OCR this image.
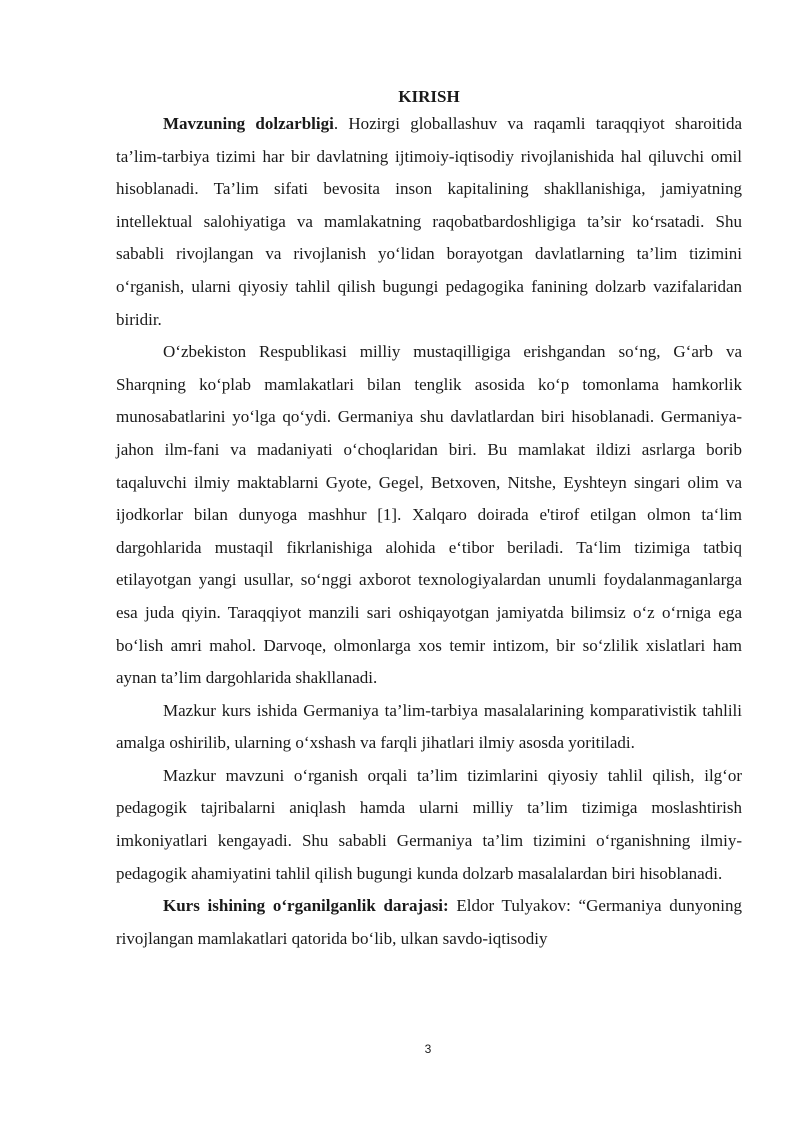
KIRISH

Mavzuning dolzarbligi. Hozirgi globallashuv va raqamli taraqqiyot sharoitida ta’lim-tarbiya tizimi har bir davlatning ijtimoiy-iqtisodiy rivojlanishida hal qiluvchi omil hisoblanadi. Ta’lim sifati bevosita inson kapitalining shakllanishiga, jamiyatning intellektual salohiyatiga va mamlakatning raqobatbardoshligiga ta’sir koʻrsatadi. Shu sababli rivojlangan va rivojlanish yoʻlidan borayotgan davlatlarning ta’lim tizimini oʻrganish, ularni qiyosiy tahlil qilish bugungi pedagogika fanining dolzarb vazifalaridan biridir.

O‘zbekiston Respublikasi milliy mustaqilligiga erishgandan so‘ng, G‘arb va Sharqning ko‘plab mamlakatlari bilan tenglik asosida ko‘p tomonlama hamkorlik munosabatlarini yoʻlga qo‘ydi. Germaniya shu davlatlardan biri hisoblanadi. Germaniya-jahon ilm-fani va madaniyati o‘choqlaridan biri. Bu mamlakat ildizi asrlarga borib taqaluvchi ilmiy maktablarni Gyote, Gegel, Betxoven, Nitshe, Eyshteyn singari olim va ijodkorlar bilan dunyoga mashhur [1]. Xalqaro doirada e'tirof etilgan olmon ta‘lim dargohlarida mustaqil fikrlanishiga alohida e‘tibor beriladi. Ta‘lim tizimiga tatbiq etilayotgan yangi usullar, so‘nggi axborot texnologiyalardan unumli foydalanmaganlarga esa juda qiyin. Taraqqiyot manzili sari oshiqayotgan jamiyatda bilimsiz o‘z o‘rniga ega bo‘lish amri mahol. Darvoqe, olmonlarga xos temir intizom, bir so‘zlilik xislatlari ham aynan ta’lim dargohlarida shakllanadi.

Mazkur kurs ishida Germaniya ta’lim-tarbiya masalalarining komparativistik tahlili amalga oshirilib, ularning oʻxshash va farqli jihatlari ilmiy asosda yoritiladi.

Mazkur mavzuni oʻrganish orqali ta’lim tizimlarini qiyosiy tahlil qilish, ilgʻor pedagogik tajribalarni aniqlash hamda ularni milliy ta’lim tizimiga moslashtirish imkoniyatlari kengayadi. Shu sababli Germaniya ta’lim tizimini oʻrganishning ilmiy-pedagogik ahamiyatini tahlil qilish bugungi kunda dolzarb masalalardan biri hisoblanadi.

Kurs ishining oʻrganilganlik darajasi: Eldor Tulyakov: “Germaniya dunyoning rivojlangan mamlakatlari qatorida bo‘lib, ulkan savdo-iqtisodiy

3
